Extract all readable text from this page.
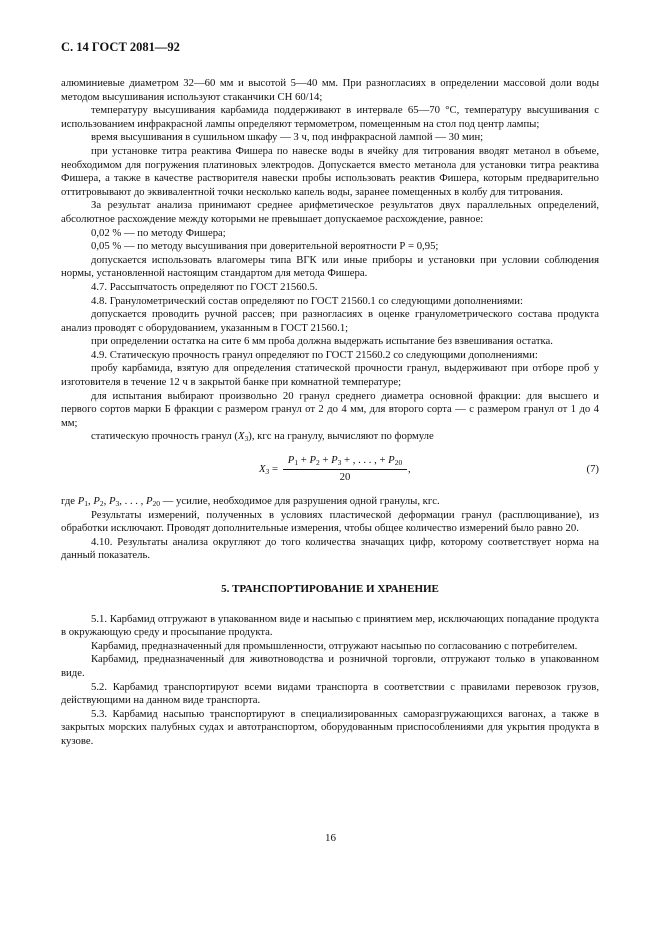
С. 14 ГОСТ 2081—92

алюминиевые диаметром 32—60 мм и высотой 5—40 мм. При разногласиях в определении массовой доли воды методом высушивания используют стаканчики СН 60/14;

температуру высушивания карбамида поддерживают в интервале 65—70 °С, температуру высушивания с использованием инфракрасной лампы определяют термометром, помещенным на стол под центр лампы;

время высушивания в сушильном шкафу — 3 ч, под инфракрасной лампой — 30 мин;

при установке титра реактива Фишера по навеске воды в ячейку для титрования вводят метанол в объеме, необходимом для погружения платиновых электродов. Допускается вместо метанола для установки титра реактива Фишера, а также в качестве растворителя навески пробы использовать реактив Фишера, которым предварительно оттитровывают до эквивалентной точки несколько капель воды, заранее помещенных в колбу для титрования.

За результат анализа принимают среднее арифметическое результатов двух параллельных определений, абсолютное расхождение между которыми не превышает допускаемое расхождение, равное:

0,02 % — по методу Фишера;

0,05 % — по методу высушивания при доверительной вероятности Р = 0,95;

допускается использовать влагомеры типа ВГК или иные приборы и установки при условии соблюдения нормы, установленной настоящим стандартом для метода Фишера.

4.7. Рассыпчатость определяют по ГОСТ 21560.5.

4.8. Гранулометрический состав определяют по ГОСТ 21560.1 со следующими дополнениями:

допускается проводить ручной рассев; при разногласиях в оценке гранулометрического состава продукта анализ проводят с оборудованием, указанным в ГОСТ 21560.1;

при определении остатка на сите 6 мм проба должна выдержать испытание без взвешивания остатка.

4.9. Статическую прочность гранул определяют по ГОСТ 21560.2 со следующими дополнениями:

пробу карбамида, взятую для определения статической прочности гранул, выдерживают при отборе проб у изготовителя в течение 12 ч в закрытой банке при комнатной температуре;

для испытания выбирают произвольно 20 гранул среднего диаметра основной фракции: для высшего и первого сортов марки Б фракции с размером гранул от 2 до 4 мм, для второго сорта — с размером гранул от 1 до 4 мм;

статическую прочность гранул $(X_3)$, кгс на гранулу, вычисляют по формуле

$X_3 = \frac{P_1 + P_2 + P_3 + , . . . , + P_{20}}{20}$ ,	(7)

где $P_1$, $P_2$, $P_3$, . . . , $P_{20}$ — усилие, необходимое для разрушения одной гранулы, кгс.

Результаты измерений, полученных в условиях пластической деформации гранул (расплющивание), из обработки исключают. Проводят дополнительные измерения, чтобы общее количество измерений было равно 20.

4.10. Результаты анализа округляют до того количества значащих цифр, которому соответствует норма на данный показатель.

5. ТРАНСПОРТИРОВАНИЕ И ХРАНЕНИЕ

5.1. Карбамид отгружают в упакованном виде и насыпью с принятием мер, исключающих попадание продукта в окружающую среду и просыпание продукта.

Карбамид, предназначенный для промышленности, отгружают насыпью по согласованию с потребителем.

Карбамид, предназначенный для животноводства и розничной торговли, отгружают только в упакованном виде.

5.2. Карбамид транспортируют всеми видами транспорта в соответствии с правилами перевозок грузов, действующими на данном виде транспорта.

5.3. Карбамид насыпью транспортируют в специализированных саморазгружающихся вагонах, а также в закрытых морских палубных судах и автотранспортом, оборудованным приспособлениями для укрытия продукта в кузове.

16
